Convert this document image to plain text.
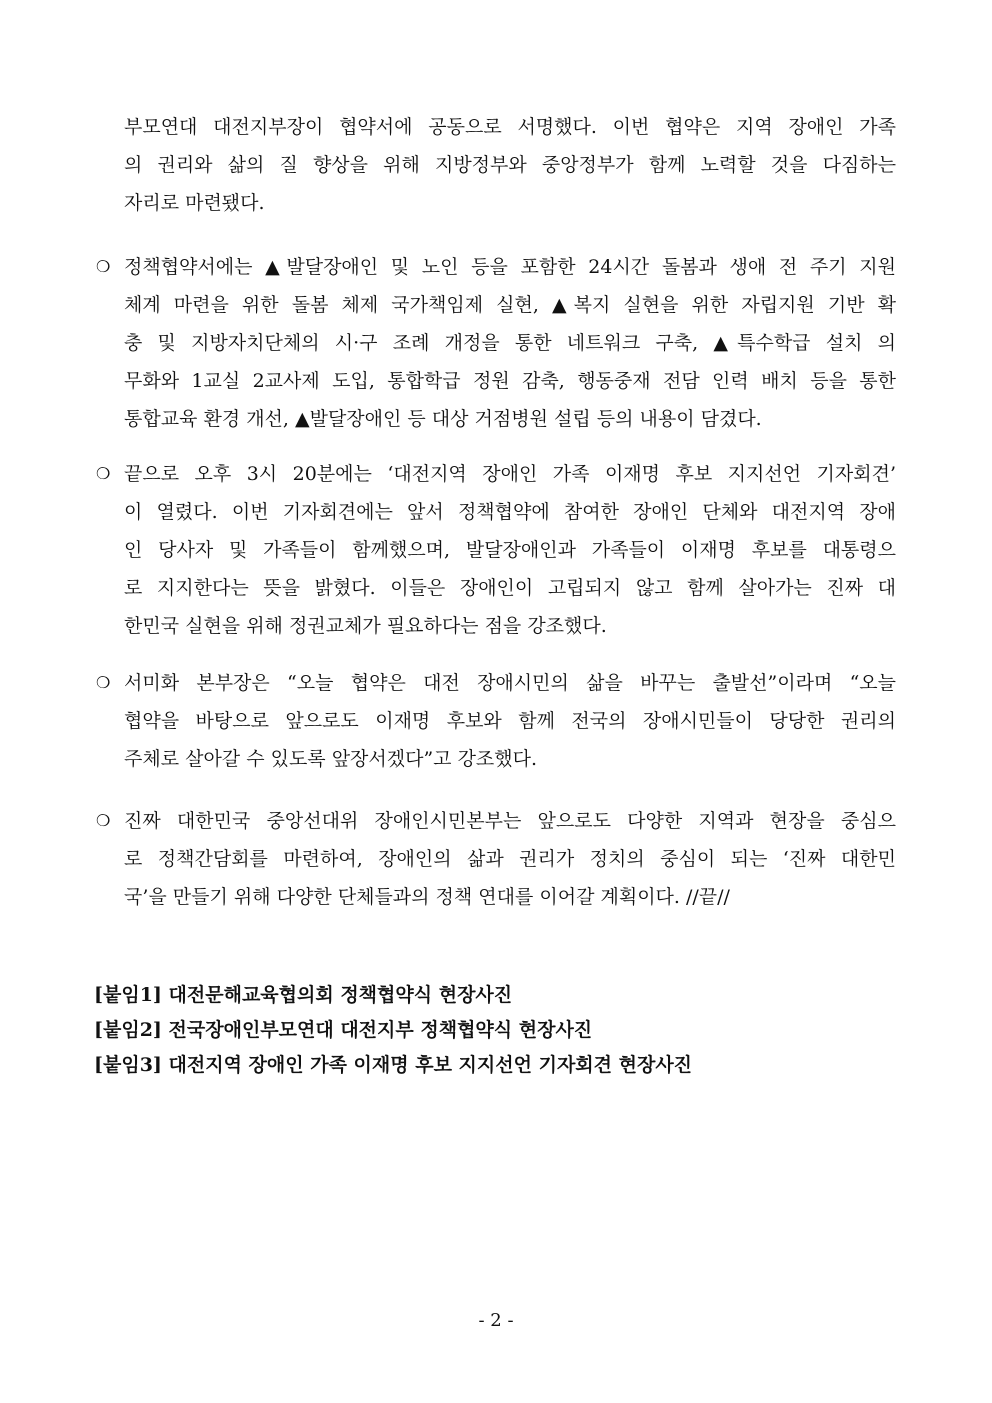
부모연대 대전지부장이 협약서에 공동으로 서명했다. 이번 협약은 지역 장애인 가족
의 권리와 삶의 질 향상을 위해 지방정부와 중앙정부가 함께 노력할 것을 다짐하는
자리로 마련됐다.
❍ 정책협약서에는 ▲발달장애인 및 노인 등을 포함한 24시간 돌봄과 생애 전 주기 지원
체계 마련을 위한 돌봄 체제 국가책임제 실현, ▲복지 실현을 위한 자립지원 기반 확
충 및 지방자치단체의 시·구 조례 개정을 통한 네트워크 구축, ▲특수학급 설치 의
무화와 1교실 2교사제 도입, 통합학급 정원 감축, 행동중재 전담 인력 배치 등을 통한
통합교육 환경 개선, ▲발달장애인 등 대상 거점병원 설립 등의 내용이 담겼다.
❍ 끝으로 오후 3시 20분에는 ‘대전지역 장애인 가족 이재명 후보 지지선언 기자회견’
이 열렸다. 이번 기자회견에는 앞서 정책협약에 참여한 장애인 단체와 대전지역 장애
인 당사자 및 가족들이 함께했으며, 발달장애인과 가족들이 이재명 후보를 대통령으
로 지지한다는 뜻을 밝혔다. 이들은 장애인이 고립되지 않고 함께 살아가는 진짜 대
한민국 실현을 위해 정권교체가 필요하다는 점을 강조했다.
❍ 서미화 본부장은 “오늘 협약은 대전 장애시민의 삶을 바꾸는 출발선”이라며 “오늘
협약을 바탕으로 앞으로도 이재명 후보와 함께 전국의 장애시민들이 당당한 권리의
주체로 살아갈 수 있도록 앞장서겠다”고 강조했다.
❍ 진짜 대한민국 중앙선대위 장애인시민본부는 앞으로도 다양한 지역과 현장을 중심으
로 정책간담회를 마련하여, 장애인의 삶과 권리가 정치의 중심이 되는 ‘진짜 대한민
국’을 만들기 위해 다양한 단체들과의 정책 연대를 이어갈 계획이다. //끝//
[붙임1] 대전문해교육협의회 정책협약식 현장사진
[붙임2] 전국장애인부모연대 대전지부 정책협약식 현장사진
[붙임3] 대전지역 장애인 가족 이재명 후보 지지선언 기자회견 현장사진
- 2 -
